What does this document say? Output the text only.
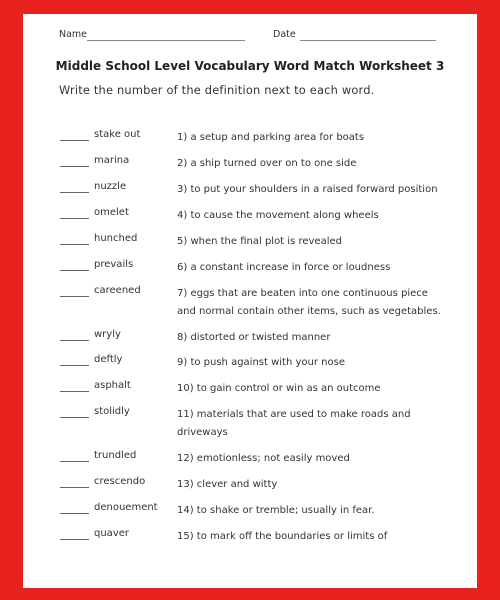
Name	Date
Middle School Level Vocabulary Word Match Worksheet 3
Write the number of the definition next to each word.
stake out	1) a setup and parking area for boats
marina	2) a ship turned over on to one side
nuzzle	3) to put your shoulders in a raised forward position
omelet	4) to cause the movement along wheels
hunched	5) when the final plot is revealed
prevails	6) a constant increase in force or loudness
careened	7) eggs that are beaten into one continuous piece and normal contain other items, such as vegetables.
wryly	8) distorted or twisted manner
deftly	9) to push against with your nose
asphalt	10) to gain control or win as an outcome
stolidly	11) materials that are used to make roads and driveways
trundled	12) emotionless; not easily moved
crescendo	13) clever and witty
denouement 14) to shake or tremble; usually in fear.
quaver	15) to mark off the boundaries or limits of
